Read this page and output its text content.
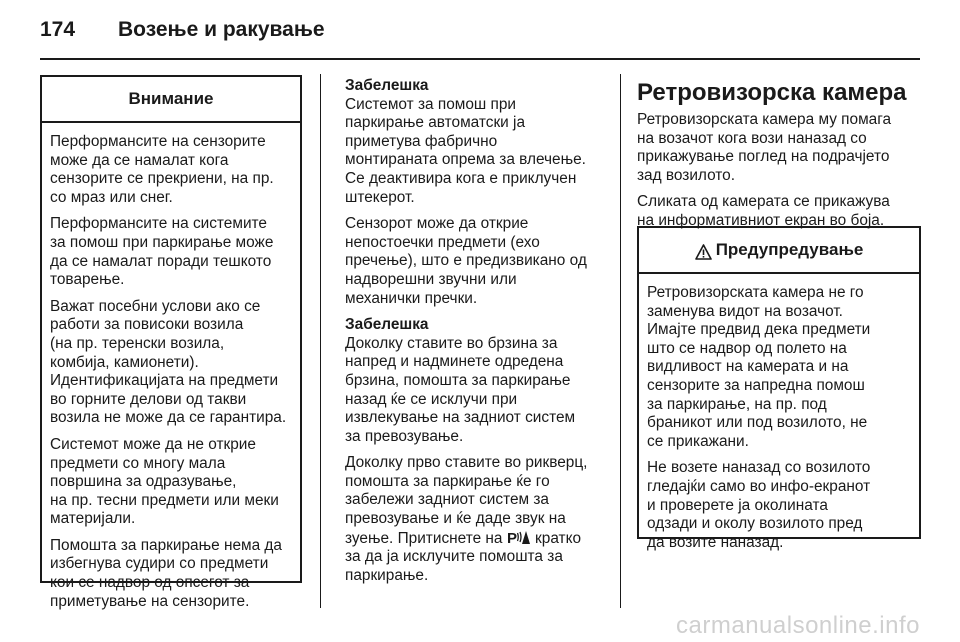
174	Возење и ракување
Внимание

Перформансите на сензорите
може да се намалат кога
сензорите се прекриени, на пр.
со мраз или снег.

Перформансите на системите
за помош при паркирање може
да се намалат поради тешкото
товарење.

Важат посебни услови ако се
работи за повисоки возила
(на пр. теренски возила,
комбија, камионети).
Идентификацијата на предмети
во горните делови од такви
возила не може да се гарантира.

Системот може да не открие
предмети со многу мала
површина за одразување,
на пр. тесни предмети или меки
материјали.

Помошта за паркирање нема да
избегнува судири со предмети
кои се надвор од опсегот за
приметување на сензорите.

Забелешка

Системот за помош при
паркирање автоматски ја
приметува фабрично
монтираната опрема за влечење.
Се деактивира кога е приклучен
штекерот.

Сензорот може да открие
непостоечки предмети (ехо
пречење), што е предизвикано од
надворешни звучни или
механички пречки.

Забелешка

Доколку ставите во брзина за
напред и надминете одредена
брзина, помошта за паркирање
назад ќе се исклучи при
извлекување на задниот систем
за превозување.

Доколку прво ставите во рикверц,
помошта за паркирање ќе го
забележи задниот систем за
превозување и ќе даде звук на
зуење. Притиснете на P кратко
за да ја исклучите помошта за
паркирање.

Ретровизорска камера

Ретровизорската камера му помага
на возачот кога вози наназад со
прикажување поглед на подрачјето
зад возилото.

Сликата од камерата се прикажува
на информативниот екран во боја.

Предупредување

Ретровизорската камера не го
заменува видот на возачот.
Имајте предвид дека предмети
што се надвор од полето на
видливост на камерата и на
сензорите за напредна помош
за паркирање, на пр. под
браникот или под возилото, не
се прикажани.

Не возете наназад со возилото
гледајќи само во инфо-екранот
и проверете ја околината
одзади и околу возилото пред
да возите наназад.

carmanualsonline.info
